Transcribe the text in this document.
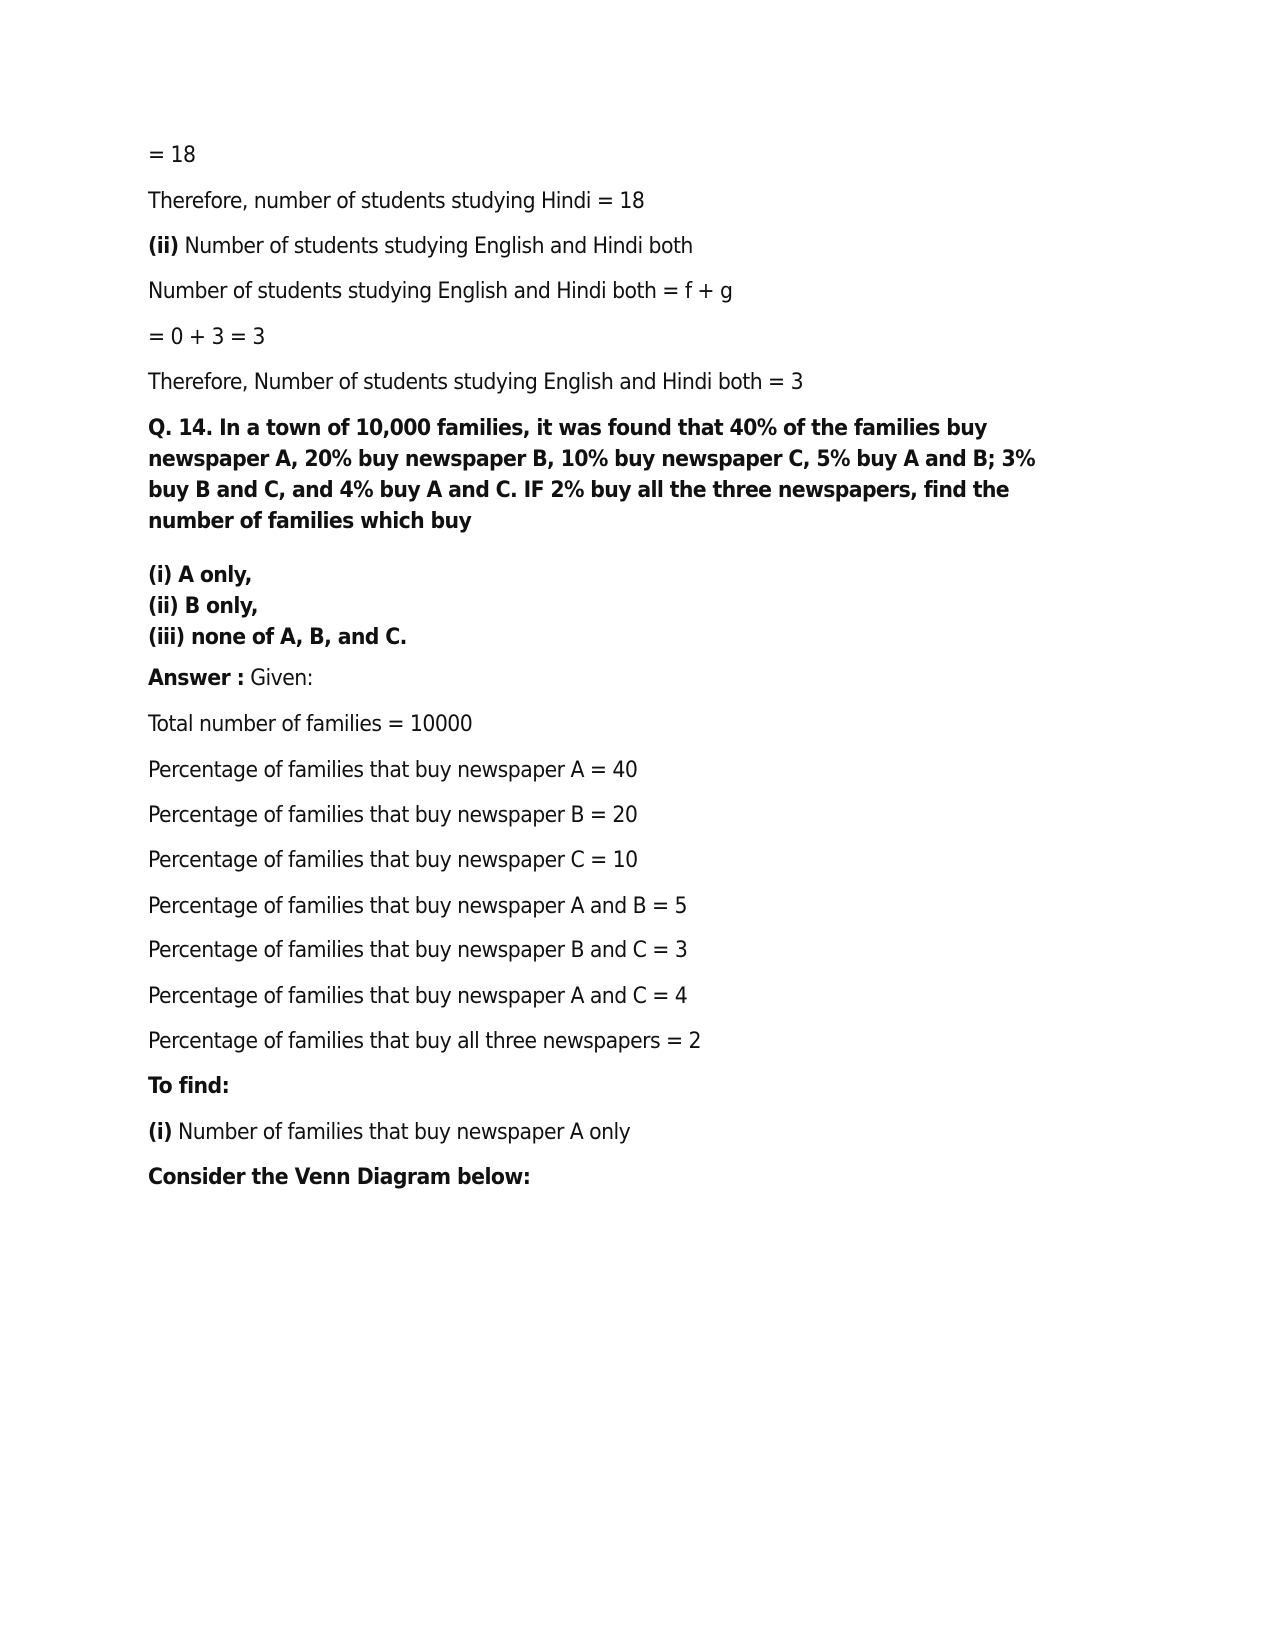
= 18
Therefore, number of students studying Hindi = 18
(ii) Number of students studying English and Hindi both
Number of students studying English and Hindi both = f + g
= 0 + 3 = 3
Therefore, Number of students studying English and Hindi both = 3
Q. 14. In a town of 10,000 families, it was found that 40% of the families buy
newspaper A, 20% buy newspaper B, 10% buy newspaper C, 5% buy A and B; 3%
buy B and C, and 4% buy A and C. IF 2% buy all the three newspapers, find the
number of families which buy
(i) A only,
(ii) B only,
(iii) none of A, B, and C.
Answer : Given:
Total number of families = 10000
Percentage of families that buy newspaper A = 40
Percentage of families that buy newspaper B = 20
Percentage of families that buy newspaper C = 10
Percentage of families that buy newspaper A and B = 5
Percentage of families that buy newspaper B and C = 3
Percentage of families that buy newspaper A and C = 4
Percentage of families that buy all three newspapers = 2
To find:
(i) Number of families that buy newspaper A only
Consider the Venn Diagram below:
